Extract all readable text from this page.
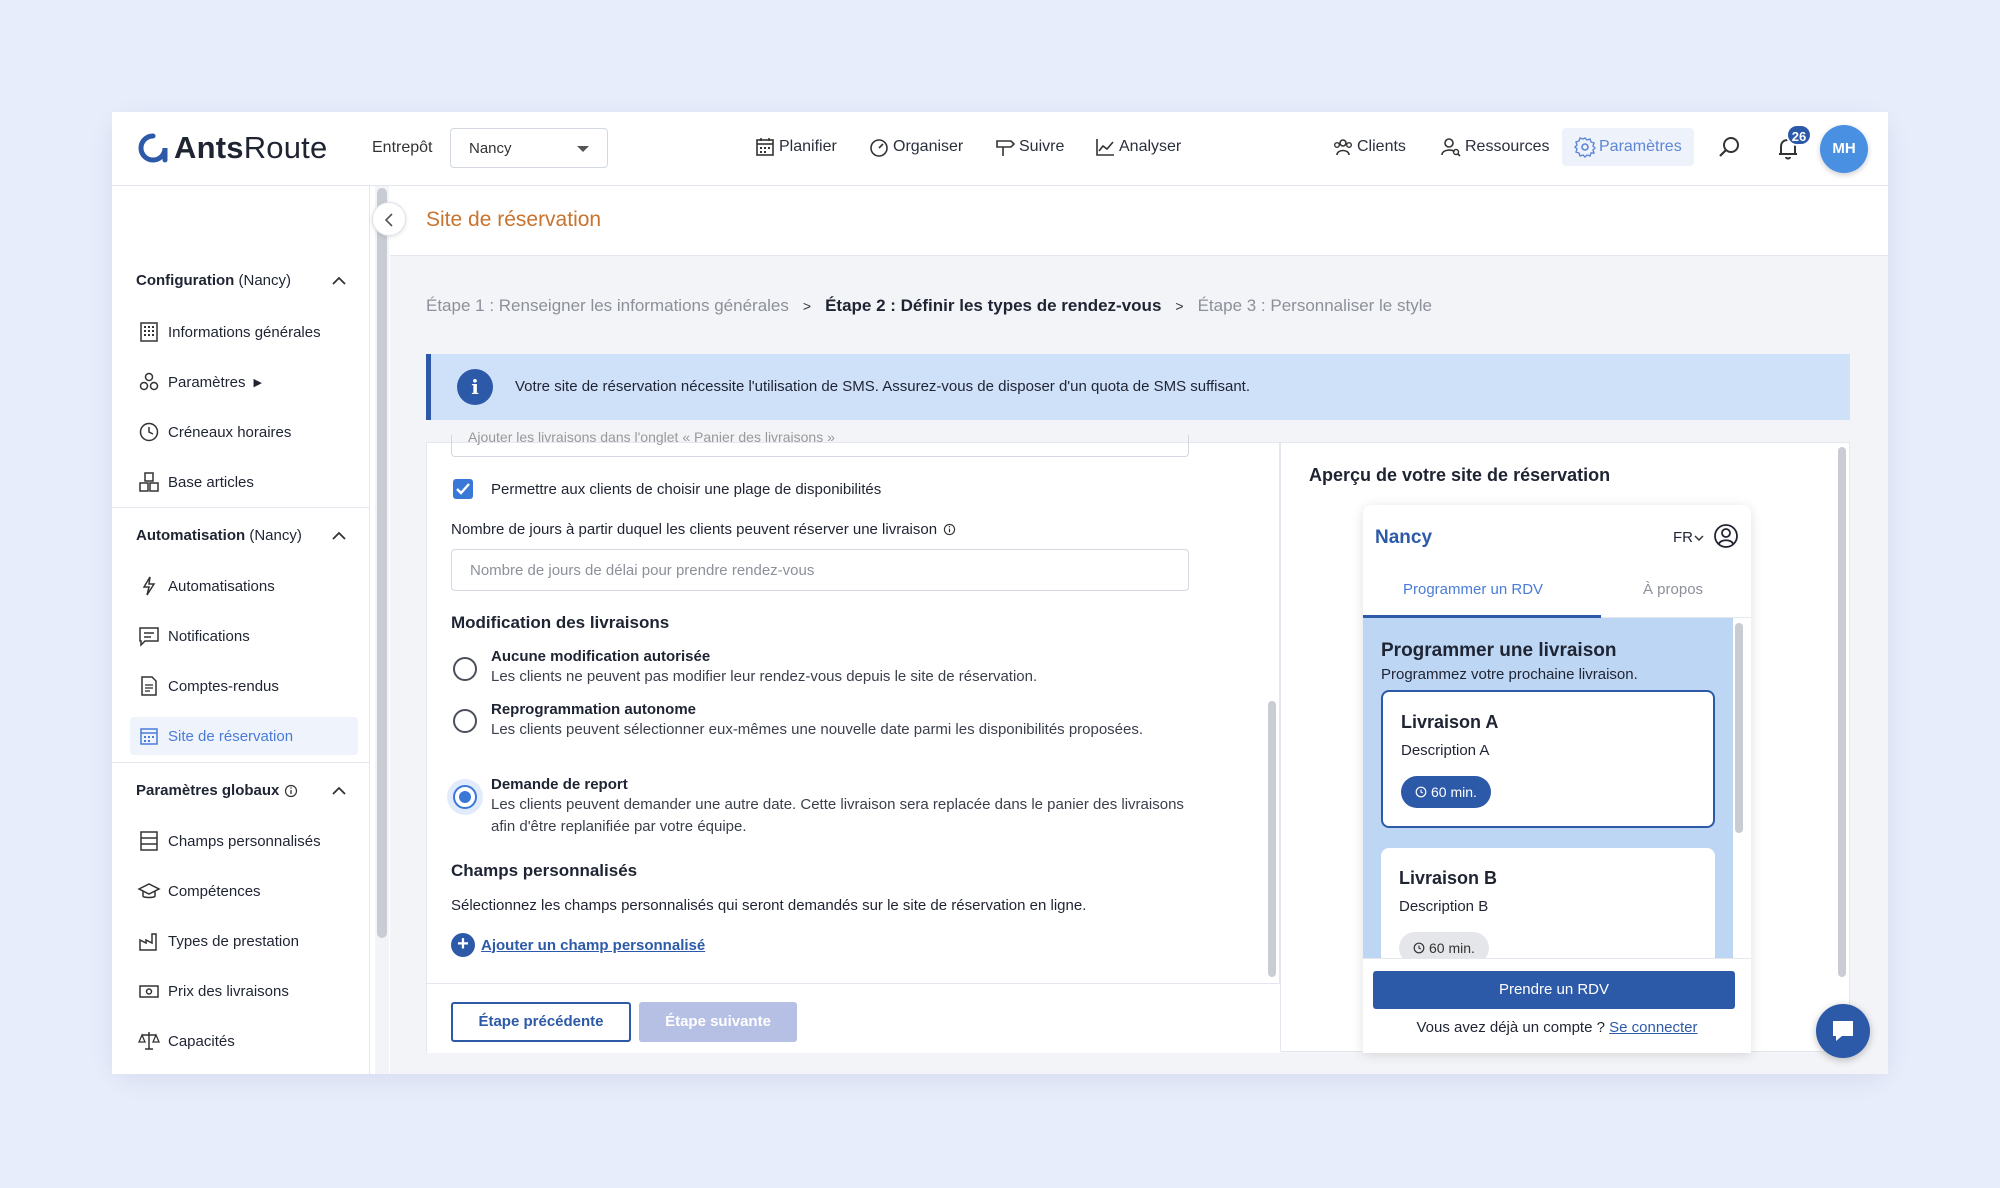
AntsRoute	Entrepôt	Nancy	Planifier	Organiser	Suivre	Analyser	Clients	Ressources	Paramètres
26
MH
Configuration (Nancy)
Informations générales
Paramètres ▶
Créneaux horaires
Base articles
Automatisation (Nancy)
Automatisations
Notifications
Comptes-rendus
Site de réservation
Paramètres globaux
Champs personnalisés
Compétences
Types de prestation
Prix des livraisons
Capacités
Site de réservation
Étape 1 : Renseigner les informations générales > Étape 2 : Définir les types de rendez-vous > Étape 3 : Personnaliser le style
i	Votre site de réservation nécessite l'utilisation de SMS. Assurez-vous de disposer d'un quota de SMS suffisant.
Ajouter les livraisons dans l'onglet « Panier des livraisons »
Permettre aux clients de choisir une plage de disponibilités
Nombre de jours à partir duquel les clients peuvent réserver une livraison
Nombre de jours de délai pour prendre rendez-vous
Modification des livraisons
Aucune modification autorisée
Les clients ne peuvent pas modifier leur rendez-vous depuis le site de réservation.
Reprogrammation autonome
Les clients peuvent sélectionner eux-mêmes une nouvelle date parmi les disponibilités proposées.
Demande de report
Les clients peuvent demander une autre date. Cette livraison sera replacée dans le panier des livraisons afin d'être replanifiée par votre équipe.
Champs personnalisés
Sélectionnez les champs personnalisés qui seront demandés sur le site de réservation en ligne.
+ Ajouter un champ personnalisé
Étape précédente	Étape suivante
Aperçu de votre site de réservation
Nancy	FR
Programmer un RDV	À propos
Programmer une livraison
Programmez votre prochaine livraison.
Livraison A
Description A
60 min.
Livraison B
Description B
60 min.
Prendre un RDV
Vous avez déjà un compte ? Se connecter
